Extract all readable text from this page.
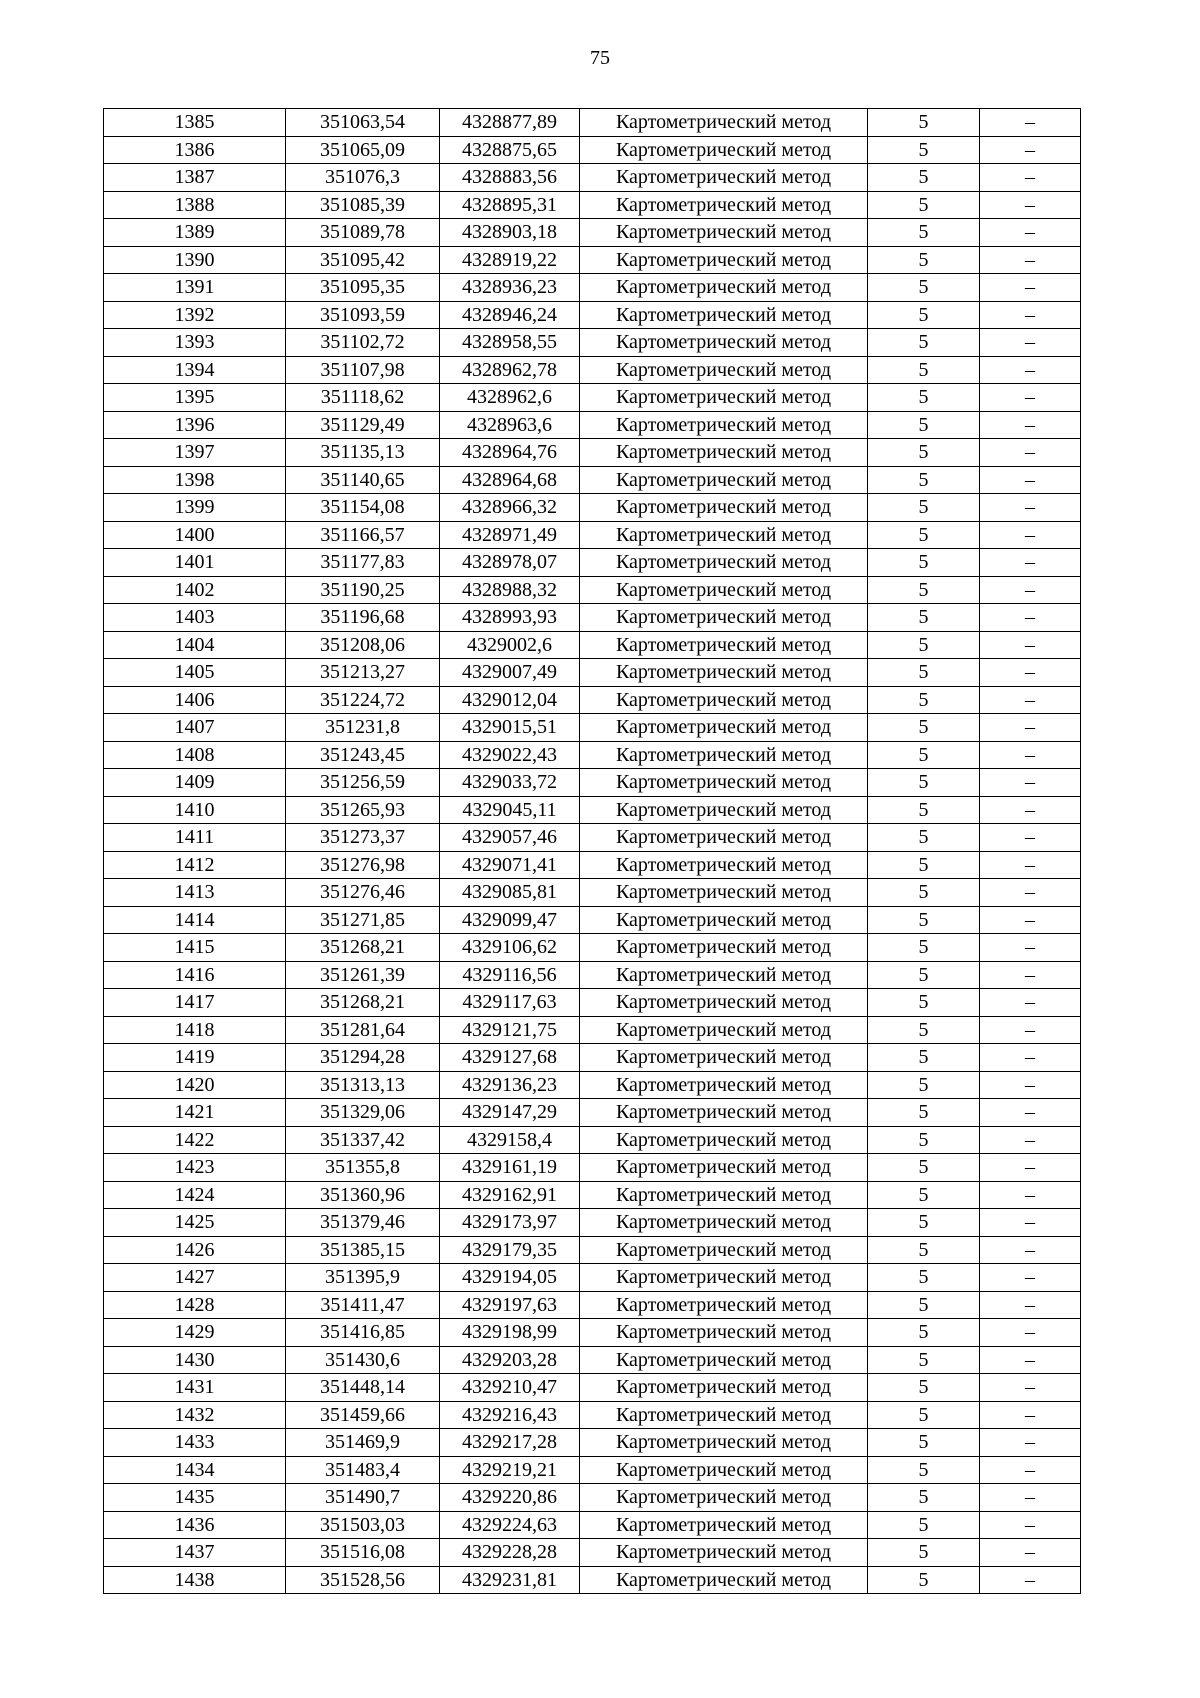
75
1385	351063,54	4328877,89	Картометрический метод	5	–
1386	351065,09	4328875,65	Картометрический метод	5	–
1387	351076,3	4328883,56	Картометрический метод	5	–
1388	351085,39	4328895,31	Картометрический метод	5	–
1389	351089,78	4328903,18	Картометрический метод	5	–
1390	351095,42	4328919,22	Картометрический метод	5	–
1391	351095,35	4328936,23	Картометрический метод	5	–
1392	351093,59	4328946,24	Картометрический метод	5	–
1393	351102,72	4328958,55	Картометрический метод	5	–
1394	351107,98	4328962,78	Картометрический метод	5	–
1395	351118,62	4328962,6	Картометрический метод	5	–
1396	351129,49	4328963,6	Картометрический метод	5	–
1397	351135,13	4328964,76	Картометрический метод	5	–
1398	351140,65	4328964,68	Картометрический метод	5	–
1399	351154,08	4328966,32	Картометрический метод	5	–
1400	351166,57	4328971,49	Картометрический метод	5	–
1401	351177,83	4328978,07	Картометрический метод	5	–
1402	351190,25	4328988,32	Картометрический метод	5	–
1403	351196,68	4328993,93	Картометрический метод	5	–
1404	351208,06	4329002,6	Картометрический метод	5	–
1405	351213,27	4329007,49	Картометрический метод	5	–
1406	351224,72	4329012,04	Картометрический метод	5	–
1407	351231,8	4329015,51	Картометрический метод	5	–
1408	351243,45	4329022,43	Картометрический метод	5	–
1409	351256,59	4329033,72	Картометрический метод	5	–
1410	351265,93	4329045,11	Картометрический метод	5	–
1411	351273,37	4329057,46	Картометрический метод	5	–
1412	351276,98	4329071,41	Картометрический метод	5	–
1413	351276,46	4329085,81	Картометрический метод	5	–
1414	351271,85	4329099,47	Картометрический метод	5	–
1415	351268,21	4329106,62	Картометрический метод	5	–
1416	351261,39	4329116,56	Картометрический метод	5	–
1417	351268,21	4329117,63	Картометрический метод	5	–
1418	351281,64	4329121,75	Картометрический метод	5	–
1419	351294,28	4329127,68	Картометрический метод	5	–
1420	351313,13	4329136,23	Картометрический метод	5	–
1421	351329,06	4329147,29	Картометрический метод	5	–
1422	351337,42	4329158,4	Картометрический метод	5	–
1423	351355,8	4329161,19	Картометрический метод	5	–
1424	351360,96	4329162,91	Картометрический метод	5	–
1425	351379,46	4329173,97	Картометрический метод	5	–
1426	351385,15	4329179,35	Картометрический метод	5	–
1427	351395,9	4329194,05	Картометрический метод	5	–
1428	351411,47	4329197,63	Картометрический метод	5	–
1429	351416,85	4329198,99	Картометрический метод	5	–
1430	351430,6	4329203,28	Картометрический метод	5	–
1431	351448,14	4329210,47	Картометрический метод	5	–
1432	351459,66	4329216,43	Картометрический метод	5	–
1433	351469,9	4329217,28	Картометрический метод	5	–
1434	351483,4	4329219,21	Картометрический метод	5	–
1435	351490,7	4329220,86	Картометрический метод	5	–
1436	351503,03	4329224,63	Картометрический метод	5	–
1437	351516,08	4329228,28	Картометрический метод	5	–
1438	351528,56	4329231,81	Картометрический метод	5	–
